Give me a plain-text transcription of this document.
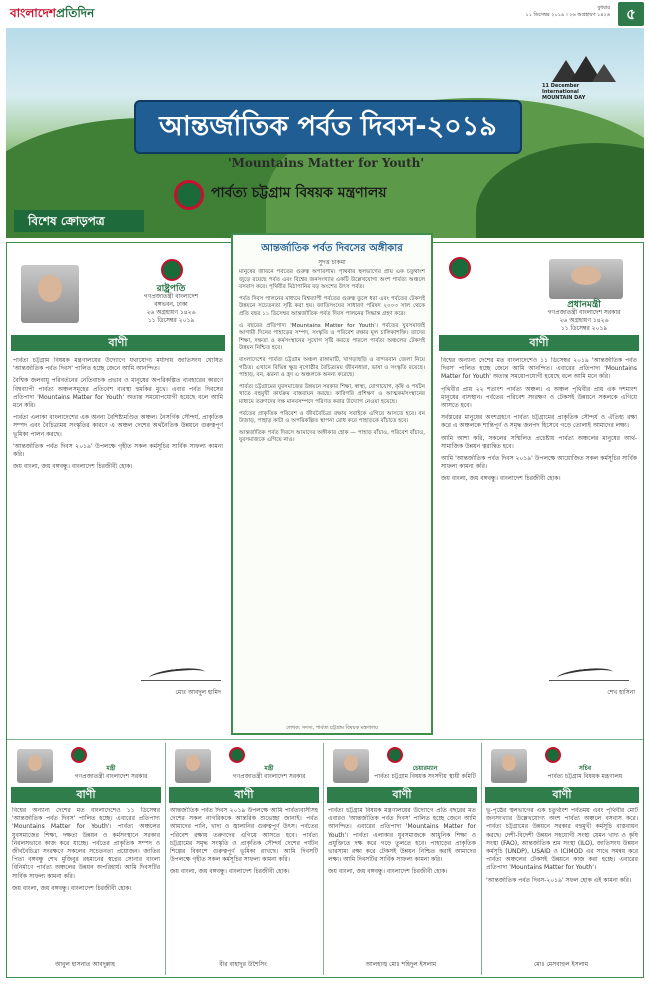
বাংলাদেশপ্রতিদিন	বুধবার
১১ ডিসেম্বর ২০১৯ । ২৬ অগ্রহায়ণ ১৪২৬	৫
11 December
International
MOUNTAIN DAY
আন্তর্জাতিক পর্বত দিবস-২০১৯
'Mountains Matter for Youth'
পার্বত্য চট্টগ্রাম বিষয়ক মন্ত্রণালয়
বিশেষ ক্রোড়পত্র
রাষ্ট্রপতি
গণপ্রজাতন্ত্রী বাংলাদেশ
বঙ্গভবন, ঢাকা
২৬ অগ্রহায়ণ ১৪২৬
১১ ডিসেম্বর ২০১৯
বাণী

পার্বত্য চট্টগ্রাম বিষয়ক মন্ত্রণালয়ের উদ্যোগে যথাযোগ্য মর্যাদায় জাতিসংঘ ঘোষিত 'আন্তর্জাতিক পর্বত দিবস' পালিত হচ্ছে জেনে আমি আনন্দিত।

বৈশ্বিক জলবায়ু পরিবর্তনের নেতিবাচক প্রভাব ও মানুষের অপরিকল্পিত ব্যবহারের কারণে বিশ্বব্যাপী পার্বত্য অঞ্চলসমূহের প্রতিবেশ ব্যবস্থা হুমকির মুখে। এবার পর্বত দিবসের প্রতিপাদ্য 'Mountains Matter for Youth' অত্যন্ত সময়োপযোগী হয়েছে বলে আমি মনে করি।

পার্বত্য এলাকা বাংলাদেশের এক অনন্য বৈশিষ্ট্যমণ্ডিত অঞ্চল। নৈসর্গিক সৌন্দর্য, প্রাকৃতিক সম্পদ এবং বৈচিত্র্যময় সংস্কৃতির কারণে এ অঞ্চল দেশের অর্থনৈতিক উন্নয়নে গুরুত্বপূর্ণ ভূমিকা পালন করছে।

'আন্তর্জাতিক পর্বত দিবস ২০১৯' উপলক্ষে গৃহীত সকল কর্মসূচির সার্বিক সাফল্য কামনা করি।

জয় বাংলা, জয় বঙ্গবন্ধু। বাংলাদেশ চিরজীবী হোক।

মোঃ আবদুল হামিদ
আন্তর্জাতিক পর্বত দিবসের অঙ্গীকার
সুদত্ত চাকমা

মানুষের জীবনে পর্বতের গুরুত্ব অপরিসীম। পৃথিবীর স্থলভাগের প্রায় এক চতুর্থাংশ জুড়ে রয়েছে পর্বত এবং বিশ্বের জনসংখ্যার একটি উল্লেখযোগ্য অংশ পার্বত্য অঞ্চলে বসবাস করে। পৃথিবীর মিঠাপানির বড় অংশের উৎস পর্বত।

পর্বত দিবস পালনের মাধ্যমে বিশ্বব্যাপী পর্বতের গুরুত্ব তুলে ধরা এবং পর্বতের টেকসই উন্নয়নে সচেতনতা সৃষ্টি করা হয়। জাতিসংঘের সাধারণ পরিষদ ২০০৩ সাল থেকে প্রতি বছর ১১ ডিসেম্বর আন্তর্জাতিক পর্বত দিবস পালনের সিদ্ধান্ত গ্রহণ করে।

এ বছরের প্রতিপাদ্য 'Mountains Matter for Youth'। পর্বতের যুবসমাজই আগামী দিনের পাহাড়ের সম্পদ, সংস্কৃতি ও পরিবেশ রক্ষার মূল চালিকাশক্তি। তাদের শিক্ষা, দক্ষতা ও কর্মসংস্থানের সুযোগ সৃষ্টি করতে পারলে পার্বত্য অঞ্চলের টেকসই উন্নয়ন নিশ্চিত হবে।

বাংলাদেশের পার্বত্য চট্টগ্রাম অঞ্চল রাঙ্গামাটি, খাগড়াছড়ি ও বান্দরবান জেলা নিয়ে গঠিত। এখানে বিভিন্ন ক্ষুদ্র নৃগোষ্ঠীর বৈচিত্র্যময় জীবনধারা, ভাষা ও সংস্কৃতি রয়েছে। পাহাড়, বন, ঝরনা ও হ্রদ এ অঞ্চলকে অনন্য করেছে।

পার্বত্য চট্টগ্রামের যুবসমাজের উন্নয়নে সরকার শিক্ষা, স্বাস্থ্য, যোগাযোগ, কৃষি ও পর্যটন খাতে বহুমুখী কার্যক্রম বাস্তবায়ন করছে। কারিগরি প্রশিক্ষণ ও আত্মকর্মসংস্থানের মাধ্যমে তরুণদের দক্ষ মানবসম্পদে পরিণত করার উদ্যোগ নেওয়া হয়েছে।

পর্বতের প্রাকৃতিক পরিবেশ ও জীববৈচিত্র্য রক্ষায় সবাইকে এগিয়ে আসতে হবে। বন উজাড়, পাহাড় কাটা ও অপরিকল্পিত স্থাপনা রোধ করে পাহাড়কে বাঁচাতে হবে।

আন্তর্জাতিক পর্বত দিবসে আমাদের অঙ্গীকার হোক — পাহাড় বাঁচাও, পরিবেশ বাঁচাও, যুবসমাজকে এগিয়ে নাও।

লেখক: সদস্য, পার্বত্য চট্টগ্রাম বিষয়ক মন্ত্রণালয়
প্রধানমন্ত্রী
গণপ্রজাতন্ত্রী বাংলাদেশ সরকার
২৬ অগ্রহায়ণ ১৪২৬
১১ ডিসেম্বর ২০১৯
বাণী

বিশ্বের অন্যান্য দেশের মত বাংলাদেশেও ১১ ডিসেম্বর ২০১৯ 'আন্তর্জাতিক পর্বত দিবস' পালিত হচ্ছে জেনে আমি আনন্দিত। এবারের প্রতিপাদ্য 'Mountains Matter for Youth' অত্যন্ত সময়োপযোগী হয়েছে বলে আমি মনে করি।

পৃথিবীর প্রায় ২২ শতাংশ পার্বত্য অঞ্চল। এ অঞ্চল পৃথিবীর প্রায় এক দশমাংশ মানুষের বাসস্থান। পর্বতের পরিবেশ সংরক্ষণ ও টেকসই উন্নয়নে সকলকে এগিয়ে আসতে হবে।

সর্বস্তরের মানুষের অংশগ্রহণে পার্বত্য চট্টগ্রামের প্রাকৃতিক সৌন্দর্য ও ঐতিহ্য রক্ষা করে এ অঞ্চলকে শান্তিপূর্ণ ও সমৃদ্ধ জনপদ হিসেবে গড়ে তোলাই আমাদের লক্ষ্য।

আমি আশা করি, সকলের সম্মিলিত প্রচেষ্টায় পার্বত্য অঞ্চলের মানুষের আর্থ-সামাজিক উন্নয়ন ত্বরান্বিত হবে।

আমি 'আন্তর্জাতিক পর্বত দিবস ২০১৯' উপলক্ষে আয়োজিত সকল কর্মসূচির সার্বিক সাফল্য কামনা করি।

জয় বাংলা, জয় বঙ্গবন্ধু। বাংলাদেশ চিরজীবী হোক।

শেখ হাসিনা
মন্ত্রী
গণপ্রজাতন্ত্রী বাংলাদেশ সরকার
বাণী

বিশ্বের অন্যান্য দেশের মত বাংলাদেশেও ১১ ডিসেম্বর 'আন্তর্জাতিক পর্বত দিবস' পালিত হচ্ছে। এবারের প্রতিপাদ্য 'Mountains Matter for Youth'। পার্বত্য অঞ্চলের যুবসমাজের শিক্ষা, দক্ষতা উন্নয়ন ও কর্মসংস্থানে সরকার নিরলসভাবে কাজ করে যাচ্ছে। পর্বতের প্রাকৃতিক সম্পদ ও জীববৈচিত্র্য সংরক্ষণে সকলের সচেতনতা প্রয়োজন। জাতির পিতা বঙ্গবন্ধু শেখ মুজিবুর রহমানের স্বপ্নের সোনার বাংলা বিনির্মাণে পার্বত্য অঞ্চলের উন্নয়ন অপরিহার্য। আমি দিবসটির সার্বিক সাফল্য কামনা করি।

জয় বাংলা, জয় বঙ্গবন্ধু। বাংলাদেশ চিরজীবী হোক।

আবুল হাসনাত আবদুল্লাহ
মন্ত্রী
গণপ্রজাতন্ত্রী বাংলাদেশ সরকার
বাণী

আন্তর্জাতিক পর্বত দিবস ২০১৯ উপলক্ষে আমি পার্বত্যবাসীসহ দেশের সকল নাগরিককে আন্তরিক শুভেচ্ছা জানাই। পর্বত আমাদের পানি, খাদ্য ও জ্বালানির গুরুত্বপূর্ণ উৎস। পর্বতের পরিবেশ রক্ষায় তরুণদের এগিয়ে আসতে হবে। পার্বত্য চট্টগ্রামের সমৃদ্ধ সংস্কৃতি ও প্রাকৃতিক সৌন্দর্য দেশের পর্যটন শিল্পের বিকাশে গুরুত্বপূর্ণ ভূমিকা রাখছে। আমি দিবসটি উপলক্ষে গৃহীত সকল কর্মসূচির সাফল্য কামনা করি।

জয় বাংলা, জয় বঙ্গবন্ধু। বাংলাদেশ চিরজীবী হোক।

বীর বাহাদুর উশৈসিং
চেয়ারম্যান
পার্বত্য চট্টগ্রাম বিষয়ক সংসদীয় স্থায়ী কমিটি
বাণী

পার্বত্য চট্টগ্রাম বিষয়ক মন্ত্রণালয়ের উদ্যোগে প্রতি বছরের মত এবারও 'আন্তর্জাতিক পর্বত দিবস' পালিত হচ্ছে জেনে আমি আনন্দিত। এবারের প্রতিপাদ্য 'Mountains Matter for Youth'। পার্বত্য এলাকার যুবসমাজকে আধুনিক শিক্ষা ও প্রযুক্তিতে দক্ষ করে গড়ে তুলতে হবে। পাহাড়ের প্রাকৃতিক ভারসাম্য রক্ষা করে টেকসই উন্নয়ন নিশ্চিত করাই আমাদের লক্ষ্য। আমি দিবসটির সার্বিক সাফল্য কামনা করি।

জয় বাংলা, জয় বঙ্গবন্ধু। বাংলাদেশ চিরজীবী হোক।

আলহাজ্ব মোঃ শহিদুল ইসলাম
সচিব
পার্বত্য চট্টগ্রাম বিষয়ক মন্ত্রণালয়
বাণী

ভূ-পৃষ্ঠের স্থলভাগের এক চতুর্থাংশ পর্বতময় এবং পৃথিবীর মোট জনসংখ্যার উল্লেখযোগ্য অংশ পার্বত্য অঞ্চলে বসবাস করে। পার্বত্য চট্টগ্রামের উন্নয়নে সরকার বহুমুখী কর্মসূচি বাস্তবায়ন করছে। দেশী-বিদেশী উন্নয়ন সহযোগী সংস্থা যেমন খাদ্য ও কৃষি সংস্থা (FAO), আন্তর্জাতিক শ্রম সংস্থা (ILO), জাতিসংঘ উন্নয়ন কর্মসূচি (UNDP), USAID ও ICIMOD এর সাথে সমন্বয় করে পার্বত্য অঞ্চলের টেকসই উন্নয়নে কাজ করা হচ্ছে। এবারের প্রতিপাদ্য 'Mountains Matter for Youth'।

'আন্তর্জাতিক পর্বত দিবস-২০১৯' সফল হোক এই কামনা করি।

মোঃ মেসবাহুল ইসলাম
